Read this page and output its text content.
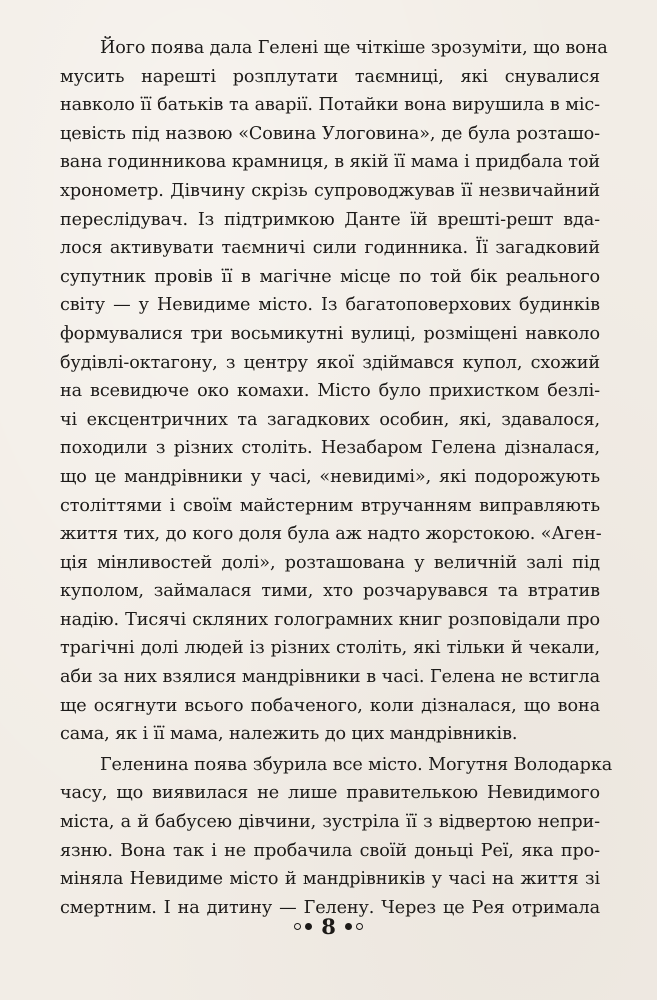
Його поява дала Гелені ще чіткіше зрозуміти, що вона
мусить нарешті розплутати таємниці, які снувалися
навколо її батьків та аварії. Потайки вона вирушила в міс-
цевість під назвою «Совина Улоговина», де була розташо-
вана годинникова крамниця, в якій її мама і придбала той
хронометр. Дівчину скрізь супроводжував її незвичайний
переслідувач. Із підтримкою Данте їй врешті-решт вда-
лося активувати таємничі сили годинника. Її загадковий
супутник провів її в магічне місце по той бік реального
світу — у Невидиме місто. Із багатоповерхових будинків
формувалися три восьмикутні вулиці, розміщені навколо
будівлі-октагону, з центру якої здіймався купол, схожий
на всевидюче око комахи. Місто було прихистком безлі-
чі ексцентричних та загадкових особин, які, здавалося,
походили з різних століть. Незабаром Гелена дізналася,
що це мандрівники у часі, «невидимі», які подорожують
століттями і своїм майстерним втручанням виправляють
життя тих, до кого доля була аж надто жорстокою. «Аген-
ція мінливостей долі», розташована у величній залі під
куполом, займалася тими, хто розчарувався та втратив
надію. Тисячі скляних голограмних книг розповідали про
трагічні долі людей із різних століть, які тільки й чекали,
аби за них взялися мандрівники в часі. Гелена не встигла
ще осягнути всього побаченого, коли дізналася, що вона
сама, як і її мама, належить до цих мандрівників.
Геленина поява збурила все місто. Могутня Володарка
часу, що виявилася не лише правителькою Невидимого
міста, а й бабусею дівчини, зустріла її з відвертою непри-
язню. Вона так і не пробачила своїй доньці Реї, яка про-
міняла Невидиме місто й мандрівників у часі на життя зі
смертним. І на дитину — Гелену. Через це Рея отримала
8
